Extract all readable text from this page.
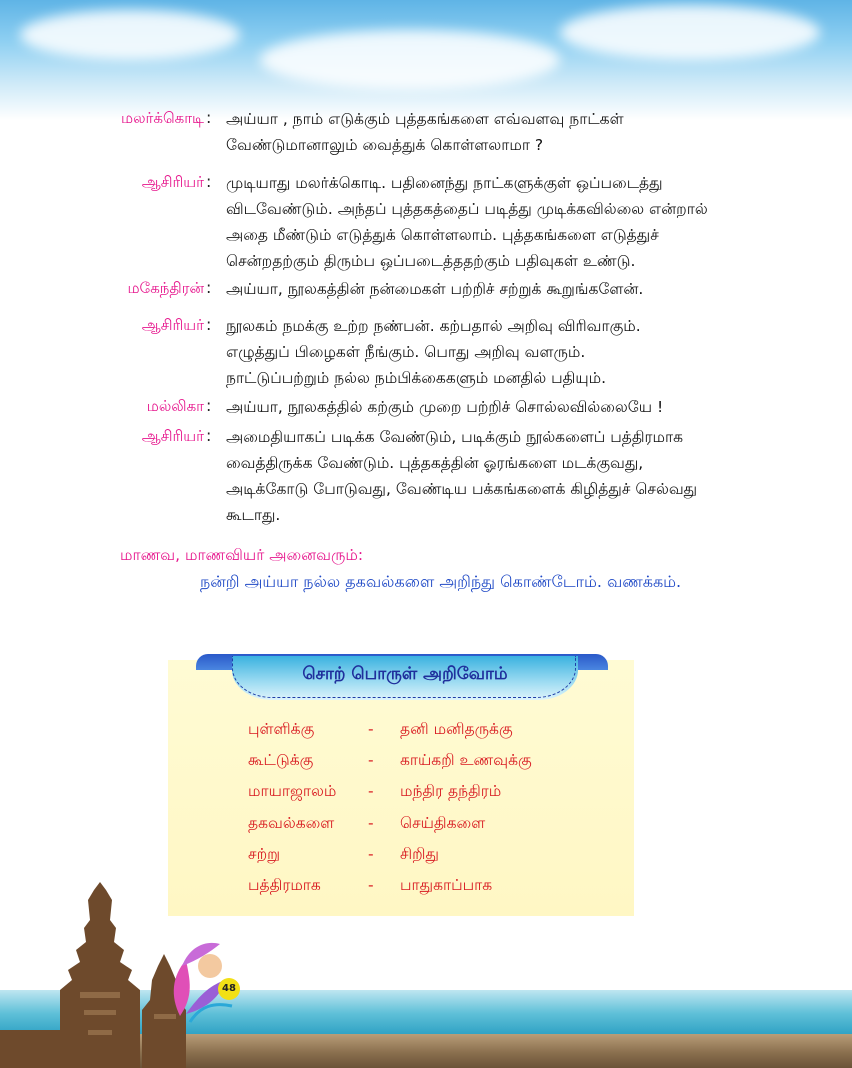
மலர்க்கொடி : அய்யா , நாம் எடுக்கும் புத்தகங்களை எவ்வளவு நாட்கள்
வேண்டுமானாலும் வைத்துக் கொள்ளலாமா ?
ஆசிரியர் : முடியாது மலர்க்கொடி. பதினைந்து நாட்களுக்குள் ஒப்படைத்து
விடவேண்டும். அந்தப் புத்தகத்தைப் படித்து முடிக்கவில்லை என்றால்
அதை மீண்டும் எடுத்துக் கொள்ளலாம். புத்தகங்களை எடுத்துச்
சென்றதற்கும் திரும்ப ஒப்படைத்ததற்கும் பதிவுகள் உண்டு.
மகேந்திரன் : அய்யா, நூலகத்தின் நன்மைகள் பற்றிச் சற்றுக் கூறுங்களேன்.
ஆசிரியர் : நூலகம் நமக்கு உற்ற நண்பன். கற்பதால் அறிவு விரிவாகும்.
எழுத்துப் பிழைகள் நீங்கும். பொது அறிவு வளரும்.
நாட்டுப்பற்றும் நல்ல நம்பிக்கைகளும் மனதில் பதியும்.
மல்லிகா : அய்யா, நூலகத்தில் கற்கும் முறை பற்றிச் சொல்லவில்லையே !
ஆசிரியர் : அமைதியாகப் படிக்க வேண்டும், படிக்கும் நூல்களைப் பத்திரமாக
வைத்திருக்க வேண்டும். புத்தகத்தின் ஓரங்களை மடக்குவது,
அடிக்கோடு போடுவது, வேண்டிய பக்கங்களைக் கிழித்துச் செல்வது
கூடாது.
மாணவ, மாணவியர் அனைவரும்:
நன்றி அய்யா நல்ல தகவல்களை அறிந்து கொண்டோம். வணக்கம்.
சொற் பொருள் அறிவோம்
புள்ளிக்கு	- தனி மனிதருக்கு
கூட்டுக்கு	- காய்கறி உணவுக்கு
மாயாஜாலம் - மந்திர தந்திரம்
தகவல்களை - செய்திகளை
சற்று	- சிறிது
பத்திரமாக	- பாதுகாப்பாக
48
